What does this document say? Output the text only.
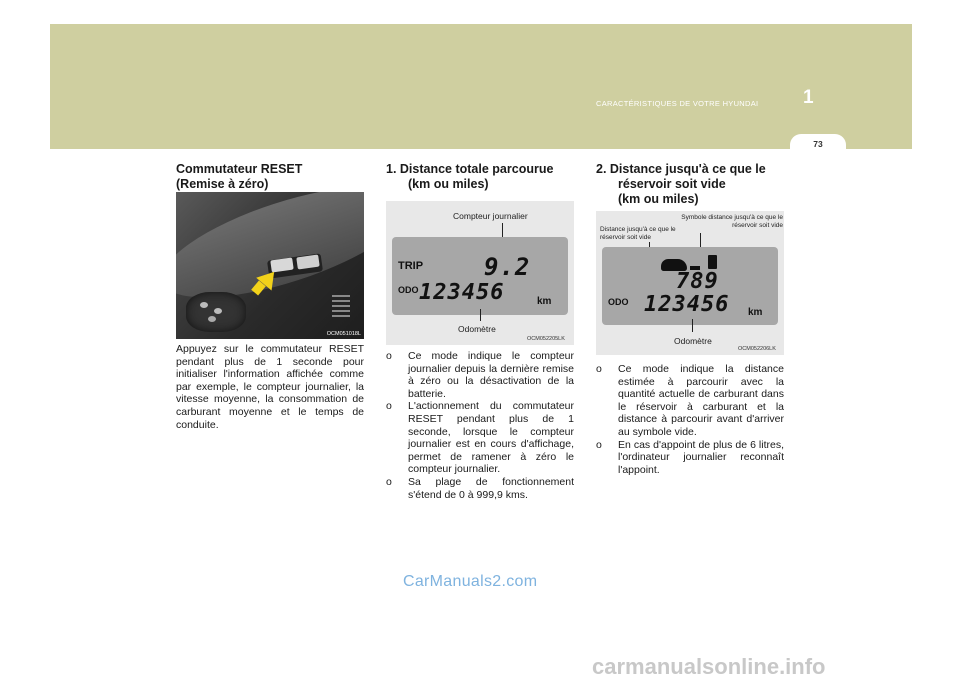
CARACTÉRISTIQUES DE VOTRE HYUNDAI 1
73
Commutateur RESET
(Remise à zéro)
OCM051018L

Appuyez sur le commutateur RESET pendant plus de 1 seconde pour initialiser l'information affichée comme par exemple, le compteur journalier, la vitesse moyenne, la consommation de carburant moyenne et le temps de conduite.

1. Distance totale parcourue
(km ou miles)
Compteur journalier
TRIP	9.2
ODO 123456	km
Odomètre
OCM052205LK
o Ce mode indique le compteur journalier depuis la dernière remise à zéro ou la désactivation de la batterie.
o L'actionnement du commutateur RESET pendant plus de 1 seconde, lorsque le compteur journalier est en cours d'affichage, permet de ramener à zéro le compteur journalier.
o Sa plage de fonctionnement s'étend de 0 à 999,9 kms.
2. Distance jusqu'à ce que le
réservoir soit vide
(km ou miles)
Distance jusqu'à ce que le réservoir soit vide
Symbole distance jusqu'à ce que le réservoir soit vide
789
ODO 123456 km
Odomètre
OCM052206LK
o Ce mode indique la distance estimée à parcourir avec la quantité actuelle de carburant dans le réservoir à carburant et la distance à parcourir avant d'arriver au symbole vide.
o En cas d'appoint de plus de 6 litres, l'ordinateur journalier reconnaît l'appoint.
CarManuals2.com
carmanualsonline.info
